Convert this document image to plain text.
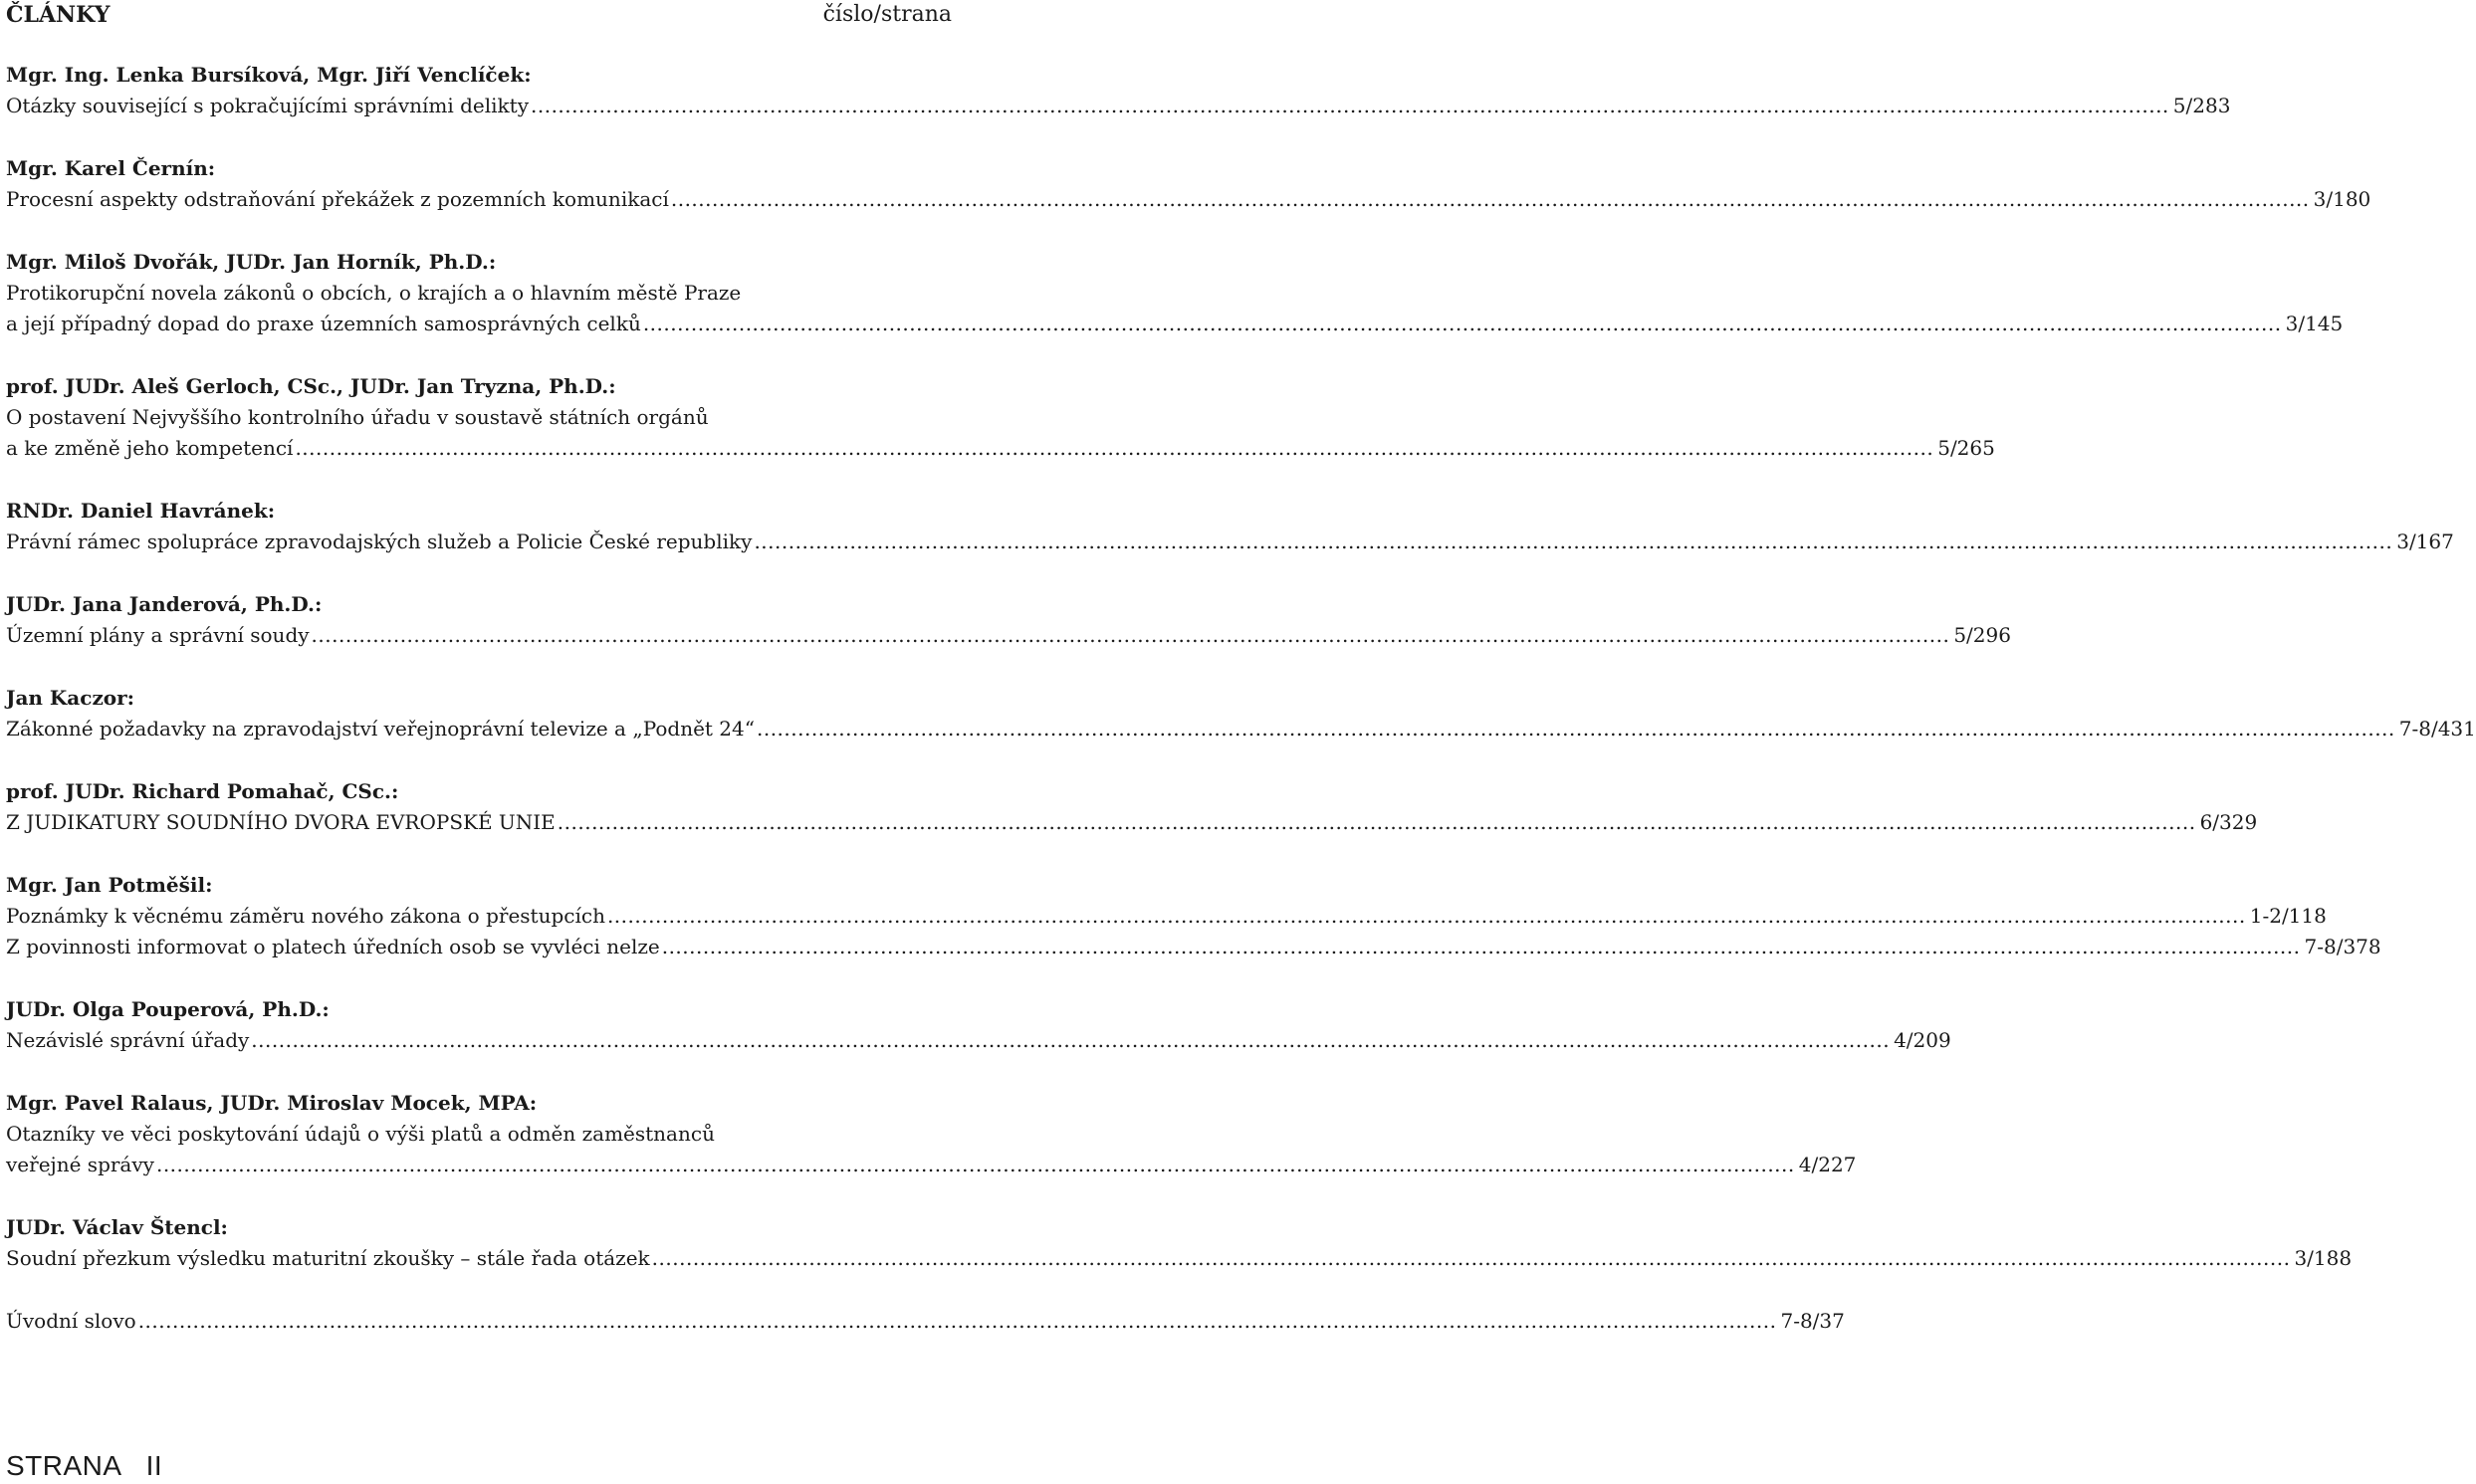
ČLÁNKY	číslo/strana
Mgr. Ing. Lenka Bursíková, Mgr. Jiří Venclíček:
Otázky související s pokračujícími správními delikty .....	5/283
Mgr. Karel Černín:
Procesní aspekty odstraňování překážek z pozemních komunikací .....	3/180
Mgr. Miloš Dvořák, JUDr. Jan Horník, Ph.D.:
Protikorupční novela zákonů o obcích, o krajích a o hlavním městě Praze
a její případný dopad do praxe územních samosprávných celků .....	3/145
prof. JUDr. Aleš Gerloch, CSc., JUDr. Jan Tryzna, Ph.D.:
O postavení Nejvyššího kontrolního úřadu v soustavě státních orgánů
a ke změně jeho kompetencí .....	5/265
RNDr. Daniel Havránek:
Právní rámec spolupráce zpravodajských služeb a Policie České republiky .....	3/167
JUDr. Jana Janderová, Ph.D.:
Územní plány a správní soudy .....	5/296
Jan Kaczor:
Zákonné požadavky na zpravodajství veřejnoprávní televize a „Podnět 24“ .....	7-8/431
prof. JUDr. Richard Pomahač, CSc.:
Z JUDIKATURY SOUDNÍHO DVORA EVROPSKÉ UNIE .....	6/329
Mgr. Jan Potměšil:
Poznámky k věcnému záměru nového zákona o přestupcích .....	1-2/118
Z povinnosti informovat o platech úředních osob se vyvléci nelze .....	7-8/378
JUDr. Olga Pouperová, Ph.D.:
Nezávislé správní úřady .....	4/209
Mgr. Pavel Ralaus, JUDr. Miroslav Mocek, MPA:
Otazníky ve věci poskytování údajů o výši platů a odměn zaměstnanců
veřejné správy .....	4/227
JUDr. Václav Štencl:
Soudní přezkum výsledku maturitní zkoušky – stále řada otázek .....	3/188
Úvodní slovo .....	7-8/37
STRANA II
